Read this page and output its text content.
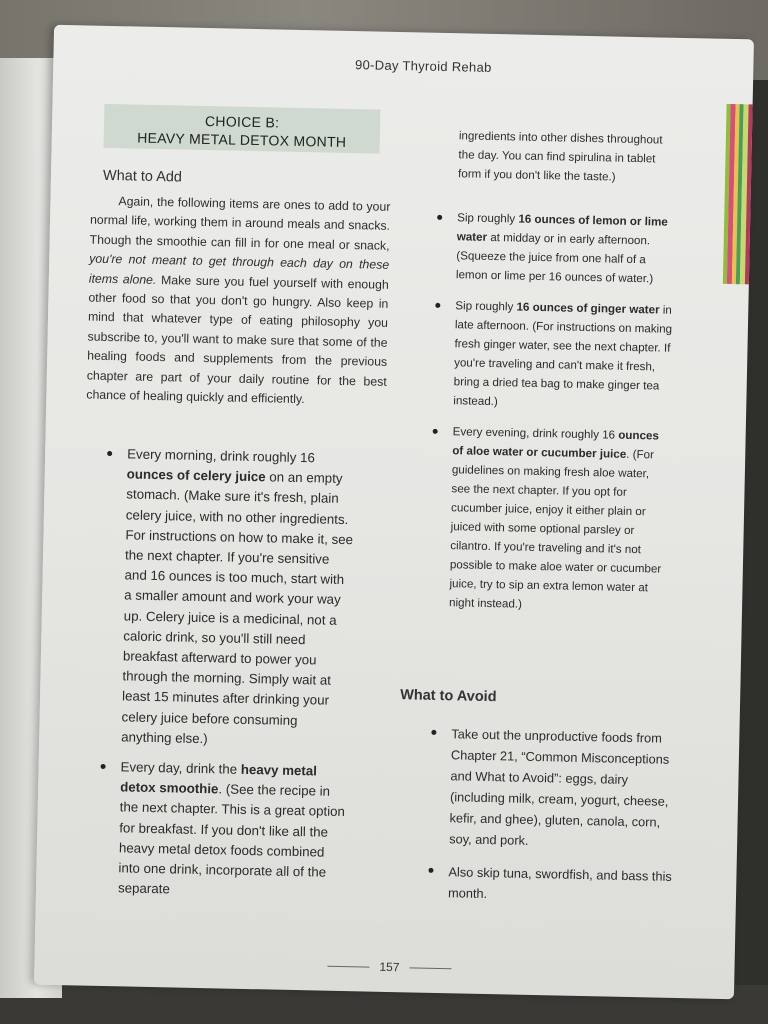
90-Day Thyroid Rehab
CHOICE B:
HEAVY METAL DETOX MONTH
What to Add

Again, the following items are ones to add to your normal life, working them in around meals and snacks. Though the smoothie can fill in for one meal or snack, you're not meant to get through each day on these items alone. Make sure you fuel yourself with enough other food so that you don't go hungry. Also keep in mind that whatever type of eating philosophy you subscribe to, you'll want to make sure that some of the healing foods and supplements from the previous chapter are part of your daily routine for the best chance of healing quickly and efficiently.

Every morning, drink roughly 16 ounces of celery juice on an empty stomach. (Make sure it's fresh, plain celery juice, with no other ingredients. For instructions on how to make it, see the next chapter. If you're sensitive and 16 ounces is too much, start with a smaller amount and work your way up. Celery juice is a medicinal, not a caloric drink, so you'll still need breakfast afterward to power you through the morning. Simply wait at least 15 minutes after drinking your celery juice before consuming anything else.)
Every day, drink the heavy metal detox smoothie. (See the recipe in the next chapter. This is a great option for breakfast. If you don't like all the heavy metal detox foods combined into one drink, incorporate all of the separate
ingredients into other dishes throughout the day. You can find spirulina in tablet form if you don't like the taste.)
Sip roughly 16 ounces of lemon or lime water at midday or in early afternoon. (Squeeze the juice from one half of a lemon or lime per 16 ounces of water.)
Sip roughly 16 ounces of ginger water in late afternoon. (For instructions on making fresh ginger water, see the next chapter. If you're traveling and can't make it fresh, bring a dried tea bag to make ginger tea instead.)
Every evening, drink roughly 16 ounces of aloe water or cucumber juice. (For guidelines on making fresh aloe water, see the next chapter. If you opt for cucumber juice, enjoy it either plain or juiced with some optional parsley or cilantro. If you're traveling and it's not possible to make aloe water or cucumber juice, try to sip an extra lemon water at night instead.)
What to Avoid
Take out the unproductive foods from Chapter 21, “Common Misconceptions and What to Avoid”: eggs, dairy (including milk, cream, yogurt, cheese, kefir, and ghee), gluten, canola, corn, soy, and pork.
Also skip tuna, swordfish, and bass this month.
157
